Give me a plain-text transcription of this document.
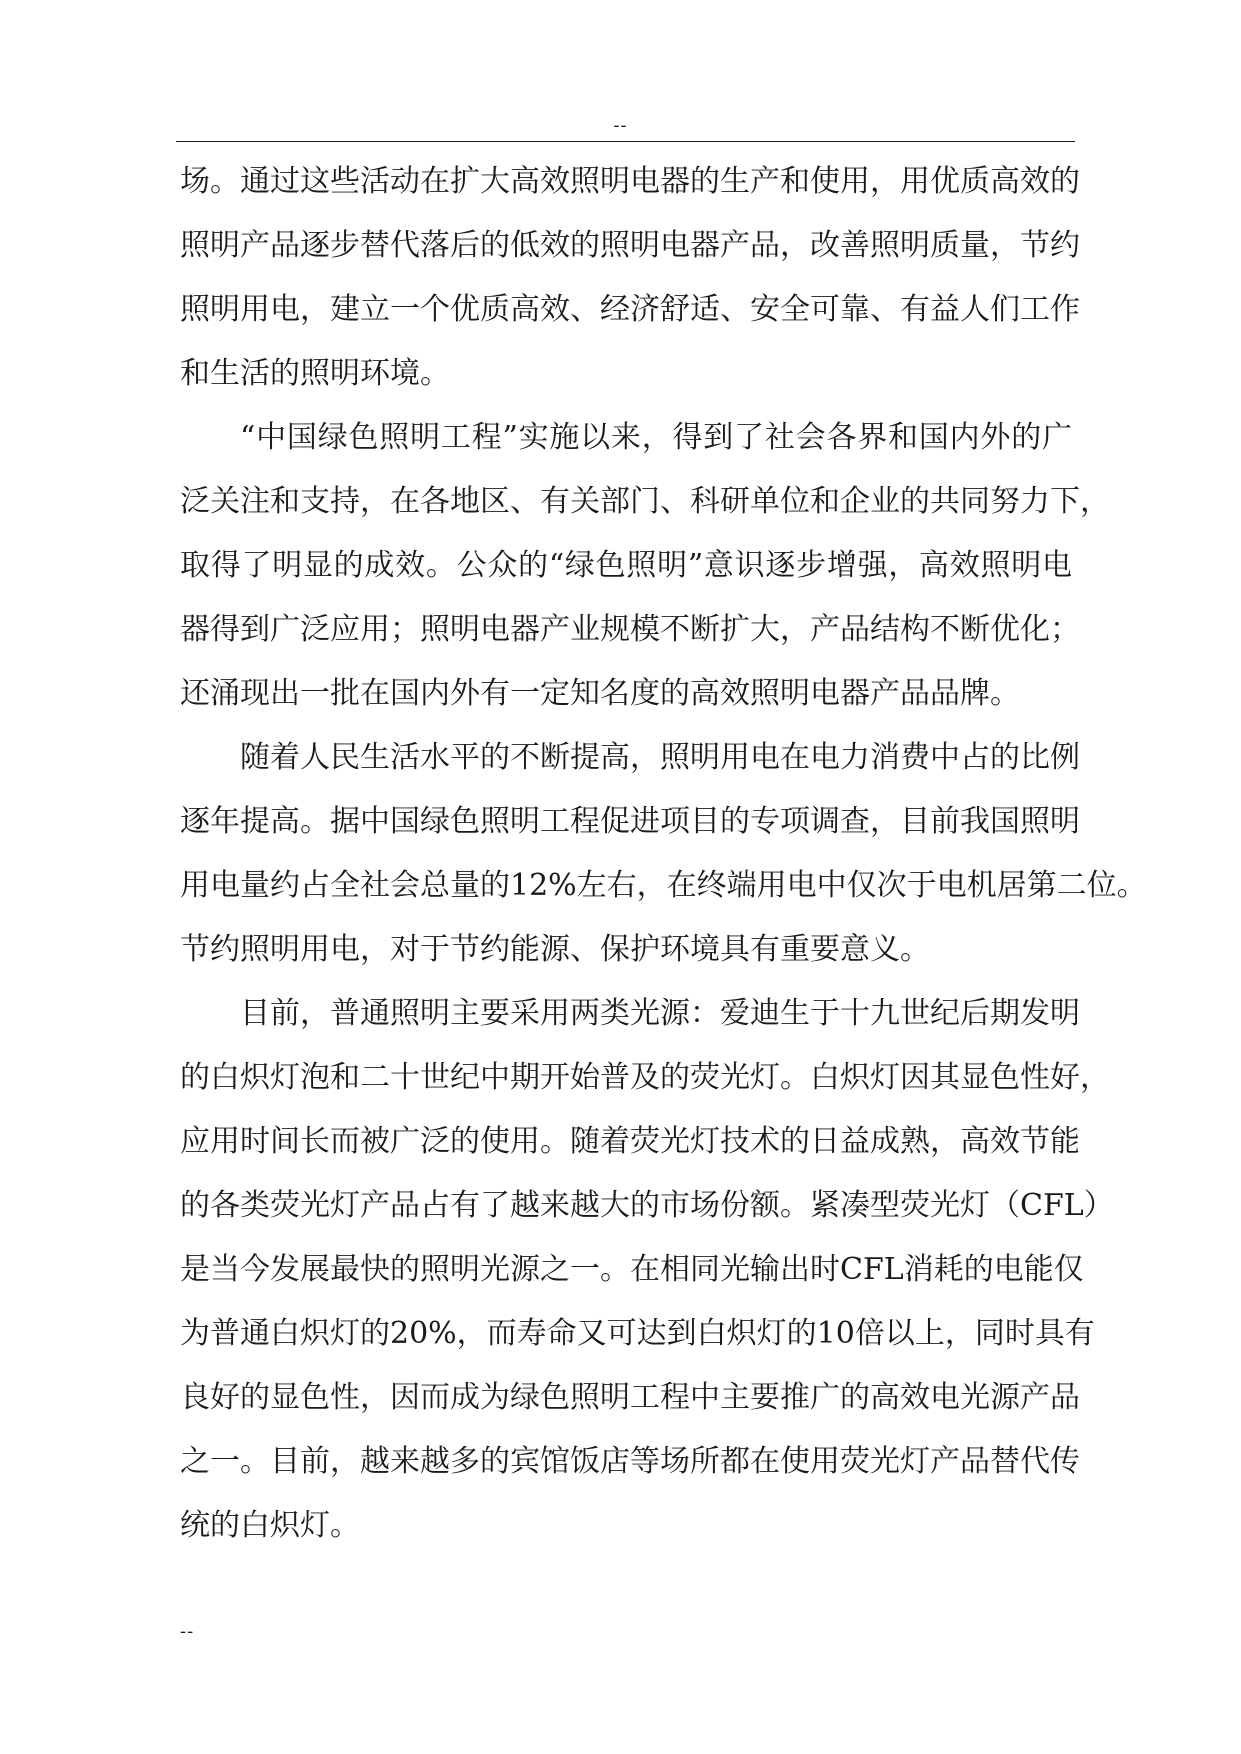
--
场。通过这些活动在扩大高效照明电器的生产和使用，用优质高效的
照明产品逐步替代落后的低效的照明电器产品，改善照明质量，节约
照明用电，建立一个优质高效、经济舒适、安全可靠、有益人们工作
和生活的照明环境。
“中国绿色照明工程”实施以来，得到了社会各界和国内外的广
泛关注和支持，在各地区、有关部门、科研单位和企业的共同努力下，
取得了明显的成效。公众的“绿色照明”意识逐步增强，高效照明电
器得到广泛应用；照明电器产业规模不断扩大，产品结构不断优化；
还涌现出一批在国内外有一定知名度的高效照明电器产品品牌。
随着人民生活水平的不断提高，照明用电在电力消费中占的比例
逐年提高。据中国绿色照明工程促进项目的专项调查，目前我国照明
用电量约占全社会总量的12%左右，在终端用电中仅次于电机居第二位。
节约照明用电，对于节约能源、保护环境具有重要意义。
目前，普通照明主要采用两类光源：爱迪生于十九世纪后期发明
的白炽灯泡和二十世纪中期开始普及的荧光灯。白炽灯因其显色性好，
应用时间长而被广泛的使用。随着荧光灯技术的日益成熟，高效节能
的各类荧光灯产品占有了越来越大的市场份额。紧凑型荧光灯（CFL）
是当今发展最快的照明光源之一。在相同光输出时CFL消耗的电能仅
为普通白炽灯的20%，而寿命又可达到白炽灯的10倍以上，同时具有
良好的显色性，因而成为绿色照明工程中主要推广的高效电光源产品
之一。目前，越来越多的宾馆饭店等场所都在使用荧光灯产品替代传
统的白炽灯。
--
